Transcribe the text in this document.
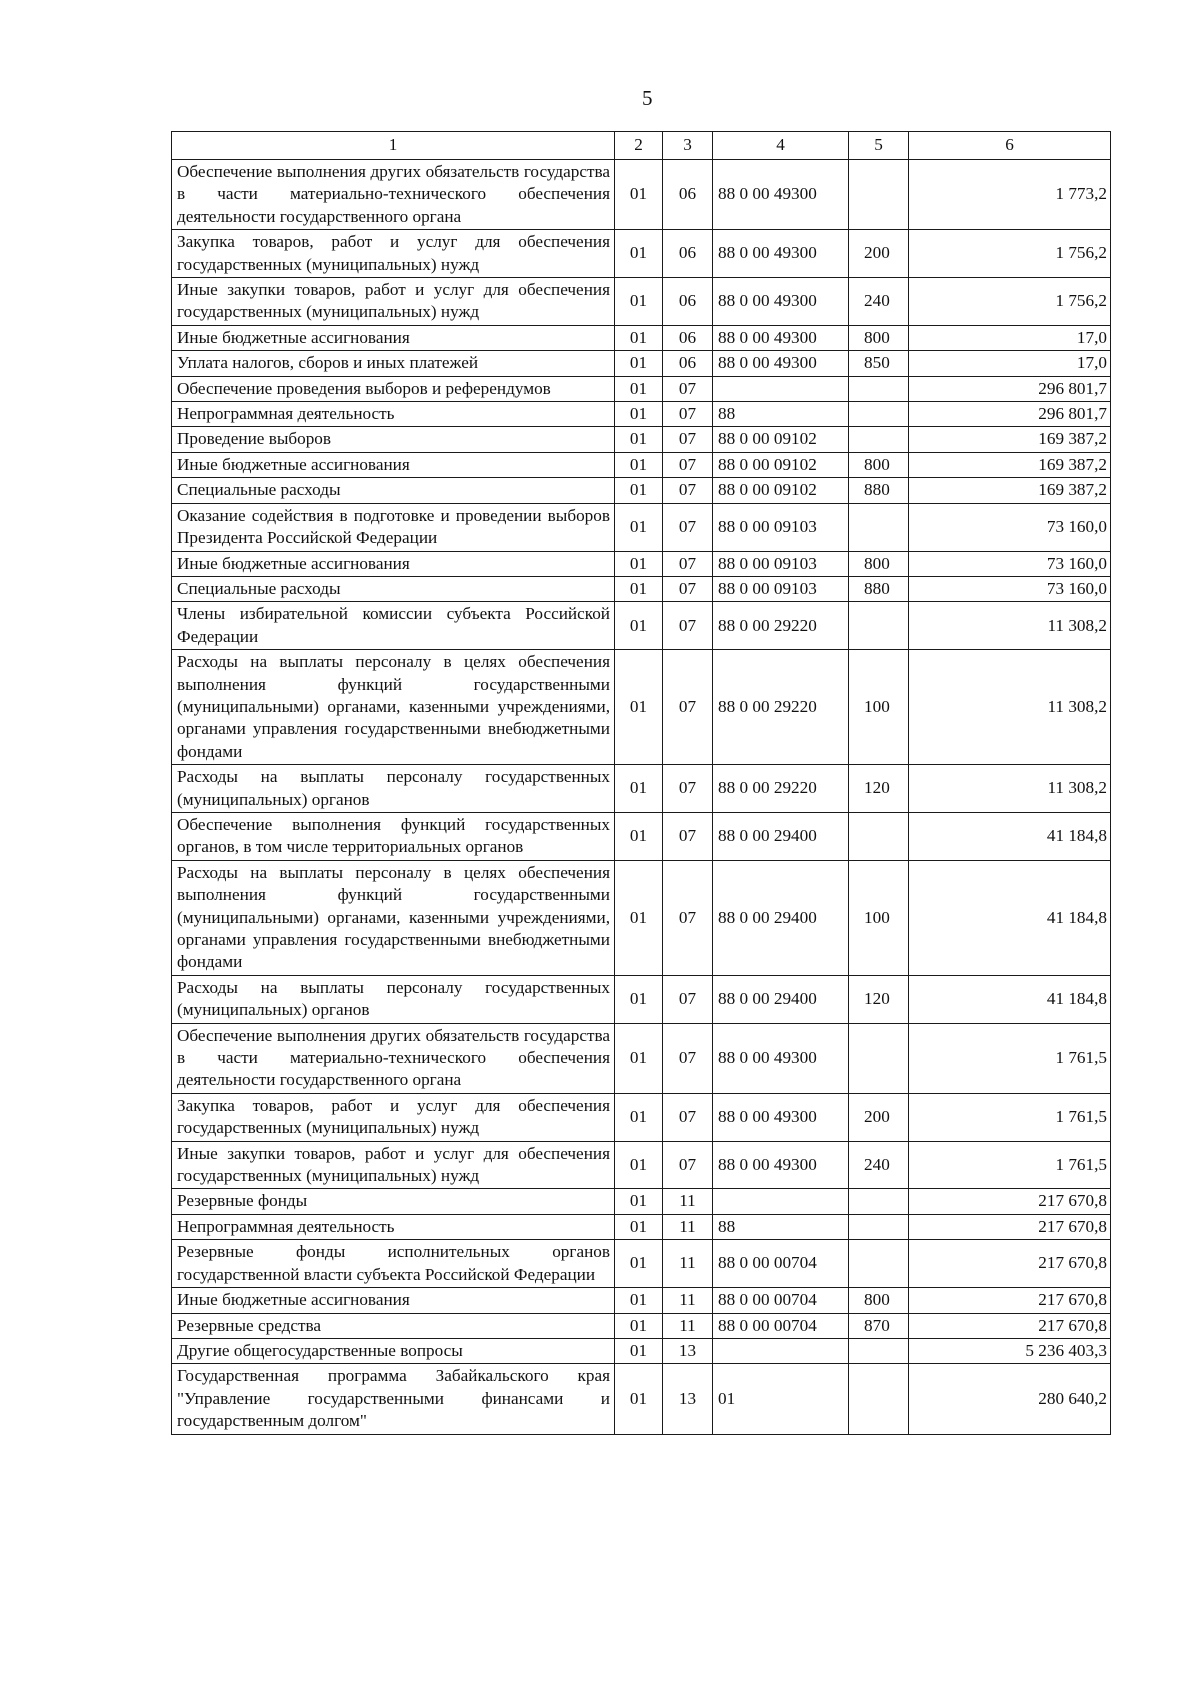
5
1	2	3	4	5	6
Обеспечение выполнения других обязательств государства в части материально-технического обеспечения деятельности государственного органа	01	06	88 0 00 49300		1 773,2
Закупка товаров, работ и услуг для обеспечения государственных (муниципальных) нужд	01	06	88 0 00 49300	200	1 756,2
Иные закупки товаров, работ и услуг для обеспечения государственных (муниципальных) нужд	01	06	88 0 00 49300	240	1 756,2
Иные бюджетные ассигнования	01	06	88 0 00 49300	800	17,0
Уплата налогов, сборов и иных платежей	01	06	88 0 00 49300	850	17,0
Обеспечение проведения выборов и референдумов	01	07			296 801,7
Непрограммная деятельность	01	07	88		296 801,7
Проведение выборов	01	07	88 0 00 09102		169 387,2
Иные бюджетные ассигнования	01	07	88 0 00 09102	800	169 387,2
Специальные расходы	01	07	88 0 00 09102	880	169 387,2
Оказание содействия в подготовке и проведении выборов Президента Российской Федерации	01	07	88 0 00 09103		73 160,0
Иные бюджетные ассигнования	01	07	88 0 00 09103	800	73 160,0
Специальные расходы	01	07	88 0 00 09103	880	73 160,0
Члены избирательной комиссии субъекта Российской Федерации	01	07	88 0 00 29220		11 308,2
Расходы на выплаты персоналу в целях обеспечения выполнения функций государственными (муниципальными) органами, казенными учреждениями, органами управления государственными внебюджетными фондами	01	07	88 0 00 29220	100	11 308,2
Расходы на выплаты персоналу государственных (муниципальных) органов	01	07	88 0 00 29220	120	11 308,2
Обеспечение выполнения функций государственных органов, в том числе территориальных органов	01	07	88 0 00 29400		41 184,8
Расходы на выплаты персоналу в целях обеспечения выполнения функций государственными (муниципальными) органами, казенными учреждениями, органами управления государственными внебюджетными фондами	01	07	88 0 00 29400	100	41 184,8
Расходы на выплаты персоналу государственных (муниципальных) органов	01	07	88 0 00 29400	120	41 184,8
Обеспечение выполнения других обязательств государства в части материально-технического обеспечения деятельности государственного органа	01	07	88 0 00 49300		1 761,5
Закупка товаров, работ и услуг для обеспечения государственных (муниципальных) нужд	01	07	88 0 00 49300	200	1 761,5
Иные закупки товаров, работ и услуг для обеспечения государственных (муниципальных) нужд	01	07	88 0 00 49300	240	1 761,5
Резервные фонды	01	11			217 670,8
Непрограммная деятельность	01	11	88		217 670,8
Резервные фонды исполнительных органов государственной власти субъекта Российской Федерации	01	11	88 0 00 00704		217 670,8
Иные бюджетные ассигнования	01	11	88 0 00 00704	800	217 670,8
Резервные средства	01	11	88 0 00 00704	870	217 670,8
Другие общегосударственные вопросы	01	13			5 236 403,3
Государственная программа Забайкальского края "Управление государственными финансами и государственным долгом"	01	13	01		280 640,2
